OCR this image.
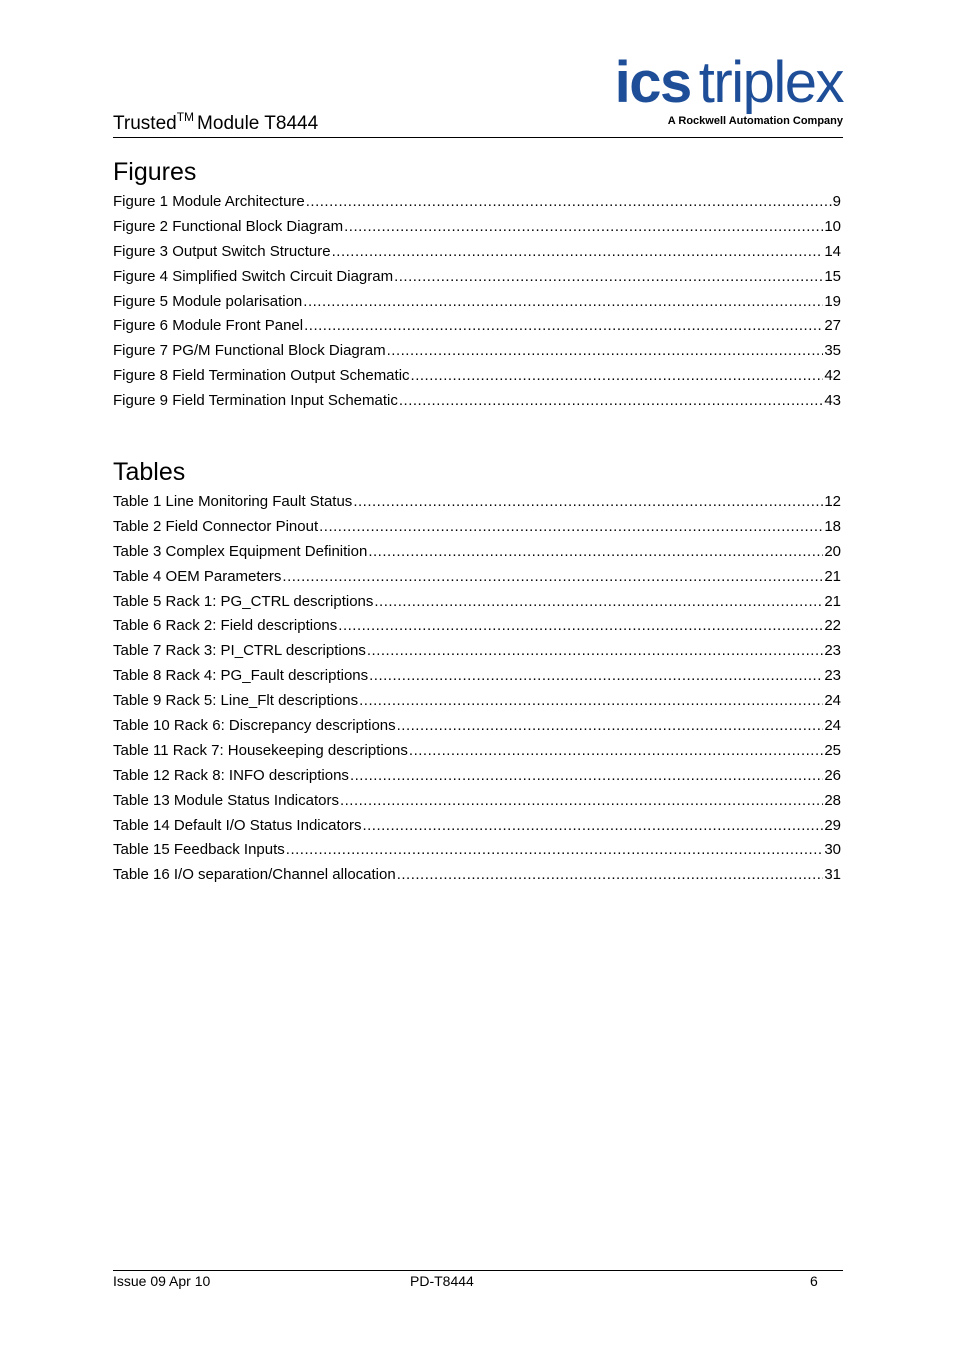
Trusted™ Module T8444
ics triplex
A Rockwell Automation Company
Figures
Figure 1 Module Architecture .....	9
Figure 2 Functional Block Diagram .....	10
Figure 3 Output Switch Structure .....	14
Figure 4 Simplified Switch Circuit Diagram .....	15
Figure 5 Module polarisation .....	19
Figure 6 Module Front Panel .....	27
Figure 7 PG/M Functional Block Diagram .....	35
Figure 8 Field Termination Output Schematic .....	42
Figure 9 Field Termination Input Schematic .....	43
Tables
Table 1 Line Monitoring Fault Status .....	12
Table 2 Field Connector Pinout .....	18
Table 3 Complex Equipment Definition .....	20
Table 4 OEM Parameters .....	21
Table 5 Rack 1: PG_CTRL descriptions .....	21
Table 6 Rack 2: Field descriptions .....	22
Table 7 Rack 3: PI_CTRL descriptions .....	23
Table 8 Rack 4: PG_Fault descriptions .....	23
Table 9 Rack 5: Line_Flt descriptions .....	24
Table 10 Rack 6: Discrepancy descriptions .....	24
Table 11 Rack 7: Housekeeping descriptions .....	25
Table 12 Rack 8: INFO descriptions .....	26
Table 13 Module Status Indicators .....	28
Table 14 Default I/O Status Indicators .....	29
Table 15 Feedback Inputs .....	30
Table 16 I/O separation/Channel allocation .....	31
Issue 09 Apr 10	PD-T8444	6
